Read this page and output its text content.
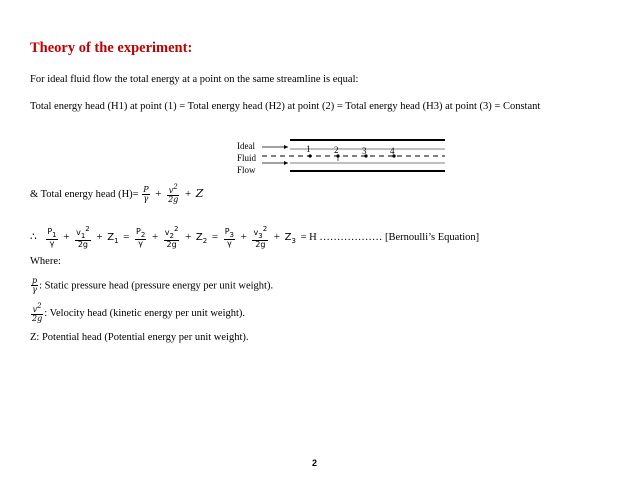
Theory of the experiment:
For ideal fluid flow the total energy at a point on the same streamline is equal:
Total energy head (H1) at point (1) = Total energy head (H2) at point (2) = Total energy head (H3) at point (3) = Constant
Ideal
Fluid
Flow
1	2	3	4
& Total energy head $(H)= \frac{P}{\gamma} + \frac{v2}{2g} + Z$
∴ $\frac{P1}{\gamma} + \frac{v12}{2g} + Z_1 = \frac{P2}{\gamma} + \frac{v22}{2g} + Z_2 = \frac{P3}{\gamma} + \frac{v32}{2g} + Z_3 = H$ ……………… [Bernoulli’s Equation]
Where:
$\frac{p}{\gamma}$ : Static pressure head (pressure energy per unit weight).
$\frac{v2}{2g}$ : Velocity head (kinetic energy per unit weight).
Z: Potential head (Potential energy per unit weight).
2
